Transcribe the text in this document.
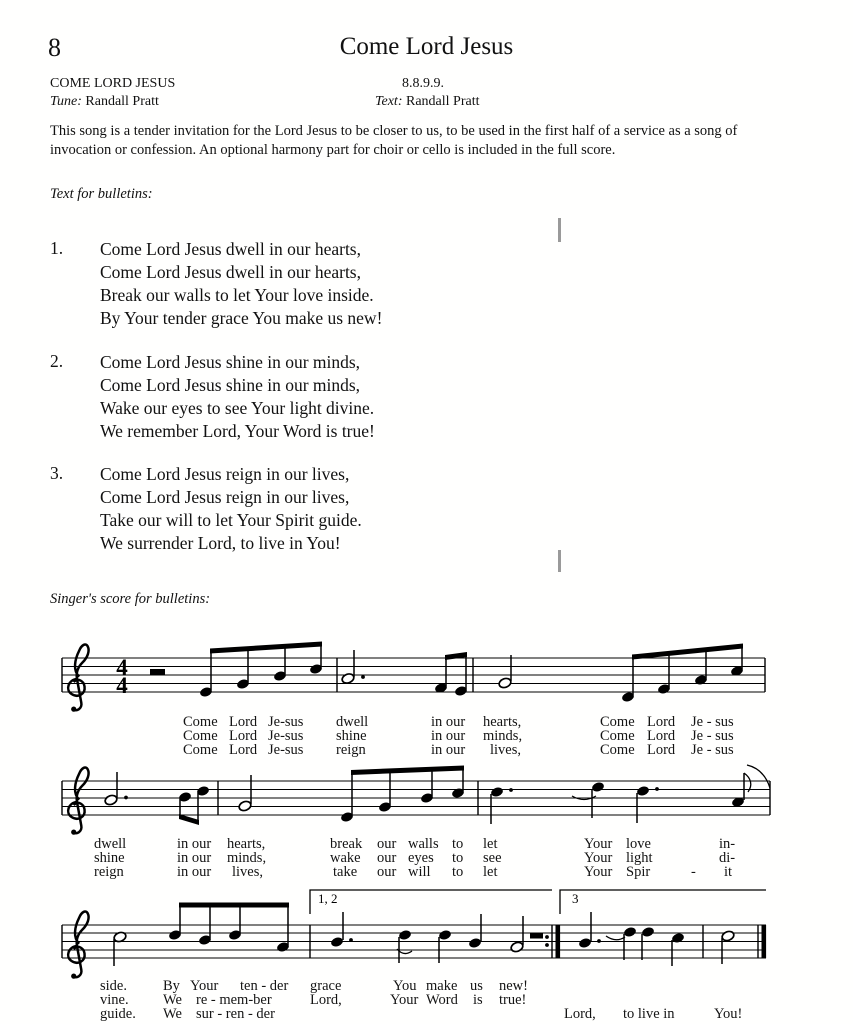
8	Come Lord Jesus
COME LORD JESUS	8.8.9.9.
Tune: Randall Pratt	Text: Randall Pratt
This song is a tender invitation for the Lord Jesus to be closer to us, to be used in the first half of a service as a song of invocation or confession. An optional harmony part for choir or cello is included in the full score.
Text for bulletins:
1. Come Lord Jesus dwell in our hearts,
Come Lord Jesus dwell in our hearts,
Break our walls to let Your love inside.
By Your tender grace You make us new!
2. Come Lord Jesus shine in our minds,
Come Lord Jesus shine in our minds,
Wake our eyes to see Your light divine.
We remember Lord, Your Word is true!
3. Come Lord Jesus reign in our lives,
Come Lord Jesus reign in our lives,
Take our will to let Your Spirit guide.
We surrender Lord, to live in You!
Singer's score for bulletins:
4
4
Come Lord Je-sus dwell	in our hearts,	Come Lord Je - sus
Come Lord Je-sus shine	in our minds,	Come Lord Je - sus
Come Lord Je-sus reign	in our lives,	Come Lord Je - sus
dwell	in our hearts,	break our walls to let	Your love	in-
shine	in our minds,	wake our eyes to see	Your light	di-
reign	in our lives,	take our will to let	Your Spir	- it
1, 2	3
side. By Your ten - der grace	You make us new!
vine. We re - mem-ber	Lord,	Your Word is true!
guide. We sur - ren - der	Lord, to live in	You!
